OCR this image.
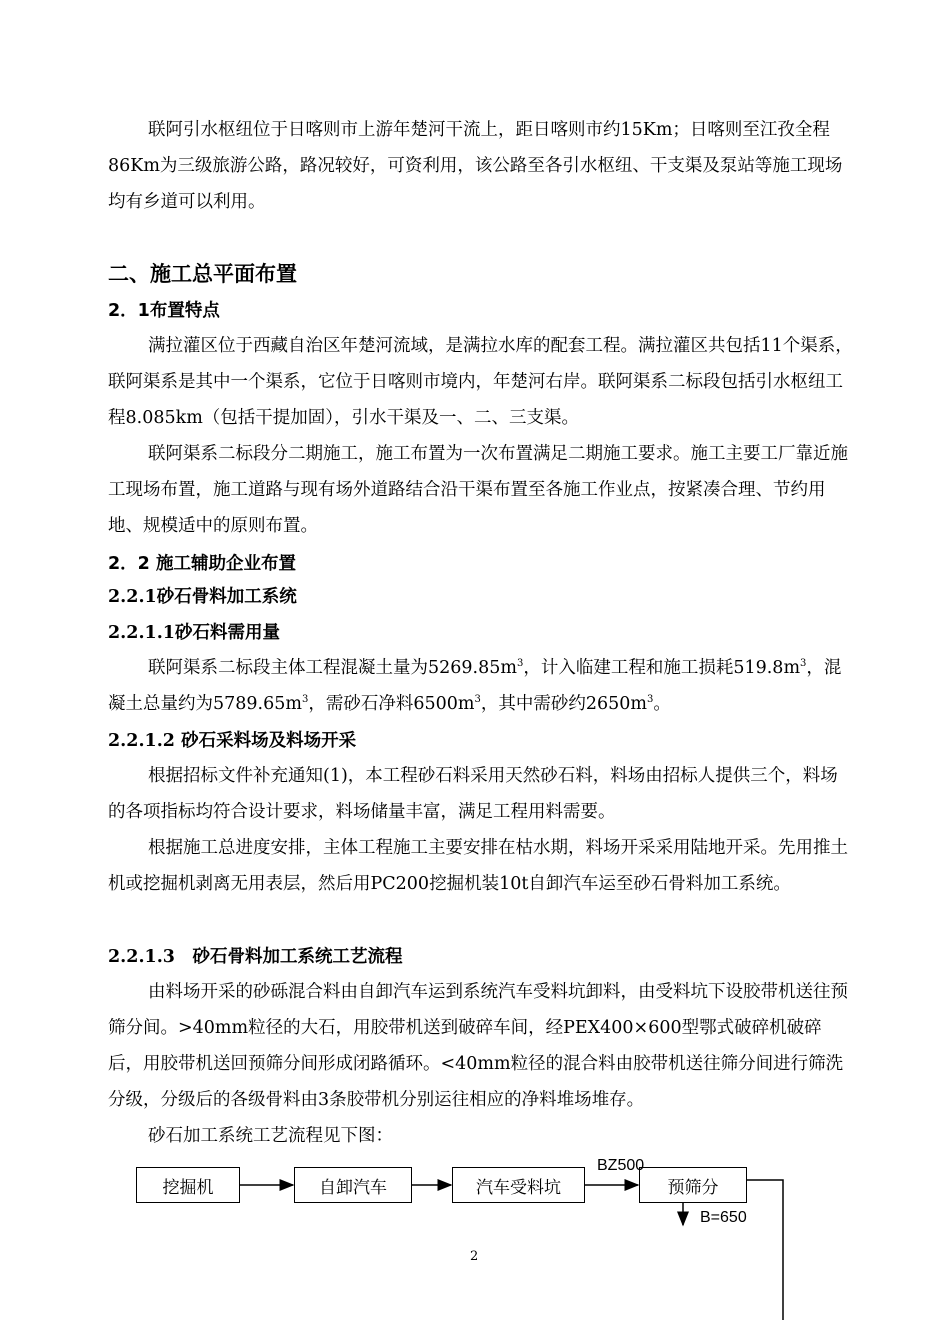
联阿引水枢纽位于日喀则市上游年楚河干流上，距日喀则市约15Km；日喀则至江孜全程86Km为三级旅游公路，路况较好，可资利用，该公路至各引水枢纽、干支渠及泵站等施工现场均有乡道可以利用。

二、施工总平面布置
2．1布置特点

满拉灌区位于西藏自治区年楚河流域，是满拉水库的配套工程。满拉灌区共包括11个渠系，联阿渠系是其中一个渠系，它位于日喀则市境内，年楚河右岸。联阿渠系二标段包括引水枢纽工程8.085km（包括干提加固），引水干渠及一、二、三支渠。

联阿渠系二标段分二期施工，施工布置为一次布置满足二期施工要求。施工主要工厂靠近施工现场布置，施工道路与现有场外道路结合沿干渠布置至各施工作业点，按紧凑合理、节约用地、规模适中的原则布置。

2．2 施工辅助企业布置
2.2.1砂石骨料加工系统
2.2.1.1砂石料需用量

联阿渠系二标段主体工程混凝土量为$5269.85m^3$，计入临建工程和施工损耗$519.8m^3$，混凝土总量约为$5789.65m^3$，需砂石净料$6500m^3$，其中需砂约$2650m^3$。

2.2.1.2 砂石采料场及料场开采

根据招标文件补充通知(1)，本工程砂石料采用天然砂石料，料场由招标人提供三个，料场的各项指标均符合设计要求，料场储量丰富，满足工程用料需要。

根据施工总进度安排，主体工程施工主要安排在枯水期，料场开采采用陆地开采。先用推土机或挖掘机剥离无用表层，然后用PC200挖掘机装10t自卸汽车运至砂石骨料加工系统。

2.2.1.3　砂石骨料加工系统工艺流程

由料场开采的砂砾混合料由自卸汽车运到系统汽车受料坑卸料，由受料坑下设胶带机送往预筛分间。>40mm粒径的大石，用胶带机送到破碎车间，经PEX400×600型鄂式破碎机破碎后，用胶带机送回预筛分间形成闭路循环。<40mm粒径的混合料由胶带机送往筛分间进行筛洗分级，分级后的各级骨料由3条胶带机分别运往相应的净料堆场堆存。

砂石加工系统工艺流程见下图：

挖掘机	自卸汽车	汽车受料坑	预筛分
BZ500
B=650
2
